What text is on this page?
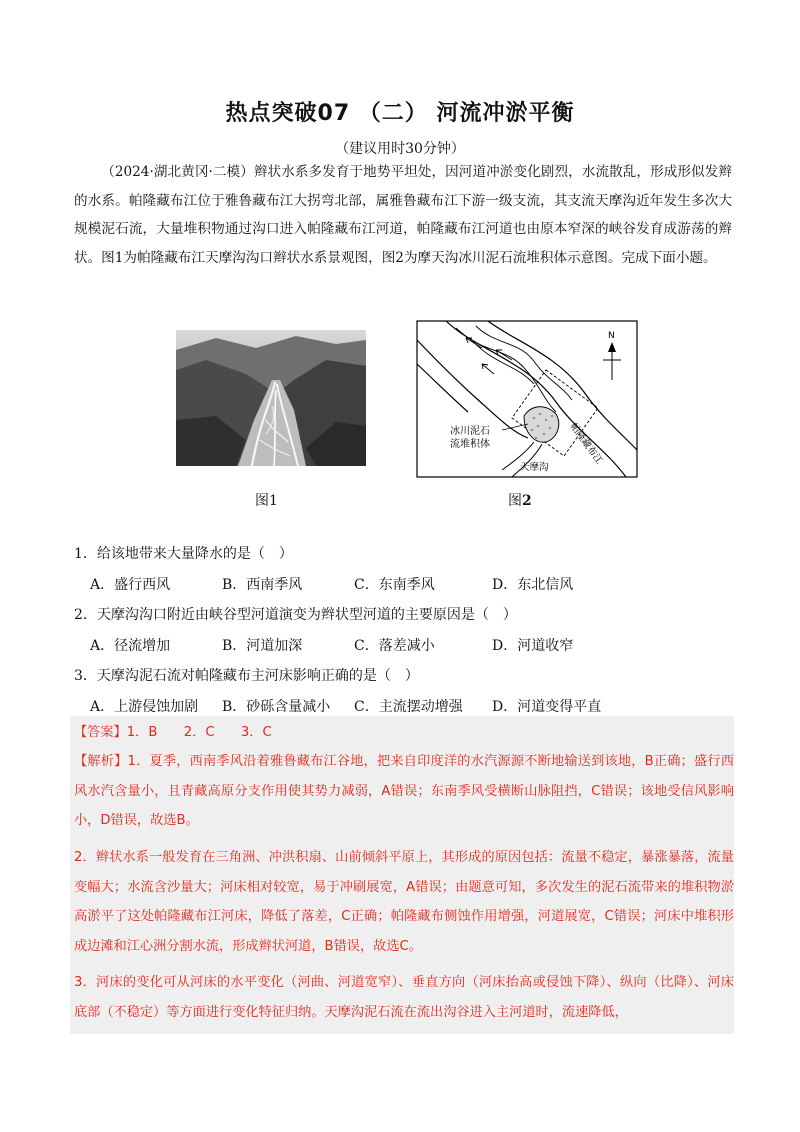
热点突破07 （二） 河流冲淤平衡
（建议用时30分钟）

（2024·湖北黄冈·二模）辫状水系多发育于地势平坦处，因河道冲淤变化剧烈，水流散乱，形成形似发辫的水系。帕隆藏布江位于雅鲁藏布江大拐弯北部，属雅鲁藏布江下游一级支流，其支流天摩沟近年发生多次大规模泥石流，大量堆积物通过沟口进入帕隆藏布江河道，帕隆藏布江河道也由原本窄深的峡谷发育成游荡的辫状。图1为帕隆藏布江天摩沟沟口辫状水系景观图，图2为摩天沟冰川泥石流堆积体示意图。完成下面小题。

N
冰川泥石
流堆积体	帕隆藏布江
天摩沟
图1	图2
1．给该地带来大量降水的是（　）
A．盛行西风	B．西南季风	C．东南季风	D．东北信风
2．天摩沟沟口附近由峡谷型河道演变为辫状型河道的主要原因是（　）
A．径流增加	B．河道加深	C．落差减小	D．河道收窄
3．天摩沟泥石流对帕隆藏布主河床影响正确的是（　）
A．上游侵蚀加剧 B．砂砾含量减小 C．主流摆动增强 D．河道变得平直

【答案】1．B　　2．C　　3．C

【解析】1．夏季，西南季风沿着雅鲁藏布江谷地，把来自印度洋的水汽源源不断地输送到该地，B正确；盛行西风水汽含量小，且青藏高原分支作用使其势力减弱，A错误；东南季风受横断山脉阻挡，C错误；该地受信风影响小，D错误，故选B。

2．辫状水系一般发育在三角洲、冲洪积扇、山前倾斜平原上，其形成的原因包括：流量不稳定，暴涨暴落，流量变幅大；水流含沙量大；河床相对较宽，易于冲刷展宽，A错误；由题意可知，多次发生的泥石流带来的堆积物淤高淤平了这处帕隆藏布江河床，降低了落差，C正确；帕隆藏布侧蚀作用增强，河道展宽，C错误；河床中堆积形成边滩和江心洲分割水流，形成辫状河道，B错误，故选C。

3．河床的变化可从河床的水平变化（河曲、河道宽窄）、垂直方向（河床抬高或侵蚀下降）、纵向（比降）、河床底部（不稳定）等方面进行变化特征归纳。天摩沟泥石流在流出沟谷进入主河道时，流速降低，
